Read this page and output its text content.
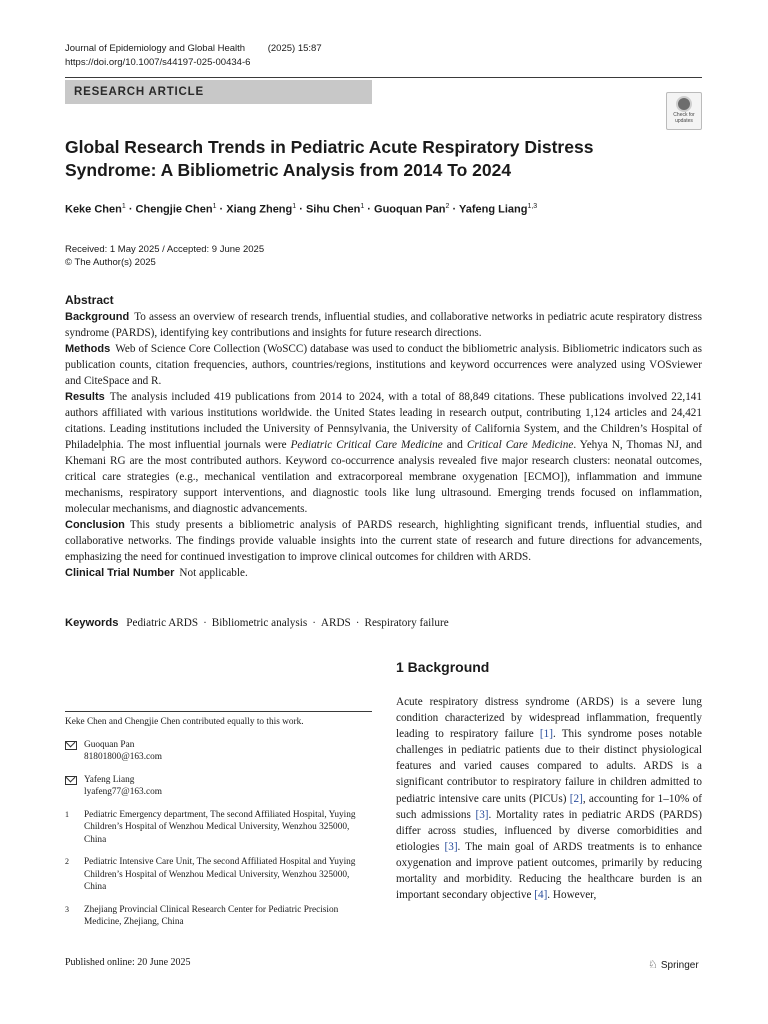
Journal of Epidemiology and Global Health (2025) 15:87
https://doi.org/10.1007/s44197-025-00434-6
RESEARCH ARTICLE
Check for
updates
Global Research Trends in Pediatric Acute Respiratory Distress Syndrome: A Bibliometric Analysis from 2014 To 2024
Keke Chen$^1$ · Chengjie Chen$^1$ · Xiang Zheng$^1$ · Sihu Chen$^1$ · Guoquan Pan$^2$ · Yafeng Liang$^{1,3}$
Received: 1 May 2025 / Accepted: 9 June 2025
© The Author(s) 2025
Abstract

Background To assess an overview of research trends, influential studies, and collaborative networks in pediatric acute respiratory distress syndrome (PARDS), identifying key contributions and insights for future research directions.

Methods Web of Science Core Collection (WoSCC) database was used to conduct the bibliometric analysis. Bibliometric indicators such as publication counts, citation frequencies, authors, countries/regions, institutions and keyword occurrences were analyzed using VOSviewer and CiteSpace and R.

Results The analysis included 419 publications from 2014 to 2024, with a total of 88,849 citations. These publications involved 22,141 authors affiliated with various institutions worldwide. the United States leading in research output, contributing 1,124 articles and 24,421 citations. Leading institutions included the University of Pennsylvania, the University of California System, and the Children’s Hospital of Philadelphia. The most influential journals were Pediatric Critical Care Medicine and Critical Care Medicine. Yehya N, Thomas NJ, and Khemani RG are the most contributed authors. Keyword co-occurrence analysis revealed five major research clusters: neonatal outcomes, critical care strategies (e.g., mechanical ventilation and extracorporeal membrane oxygenation [ECMO]), inflammation and immune mechanisms, respiratory support interventions, and diagnostic tools like lung ultrasound. Emerging trends focused on inflammation, molecular mechanisms, and diagnostic advancements.

Conclusion This study presents a bibliometric analysis of PARDS research, highlighting significant trends, influential studies, and collaborative networks. The findings provide valuable insights into the current state of research and future directions for advancements, emphasizing the need for continued investigation to improve clinical outcomes for children with ARDS.

Clinical Trial Number Not applicable.

Keywords Pediatric ARDS · Bibliometric analysis · ARDS · Respiratory failure
1 Background
Acute respiratory distress syndrome (ARDS) is a severe lung condition characterized by widespread inflammation, frequently leading to respiratory failure [1]. This syndrome poses notable challenges in pediatric patients due to their distinct physiological features and varied causes compared to adults. ARDS is a significant contributor to respiratory failure in children admitted to pediatric intensive care units (PICUs) [2], accounting for 1–10% of such admissions [3]. Mortality rates in pediatric ARDS (PARDS) differ across studies, influenced by diverse comorbidities and etiologies [3]. The main goal of ARDS treatments is to enhance oxygenation and improve patient outcomes, primarily by reducing mortality and morbidity. Reducing the healthcare burden is an important secondary objective [4]. However,
Keke Chen and Chengjie Chen contributed equally to this work.
Guoquan Pan
81801800@163.com
Yafeng Liang
lyafeng77@163.com
1	Pediatric Emergency department, The second Affiliated Hospital, Yuying Children’s Hospital of Wenzhou Medical University, Wenzhou 325000, China
2	Pediatric Intensive Care Unit, The second Affiliated Hospital and Yuying Children’s Hospital of Wenzhou Medical University, Wenzhou 325000, China
3	Zhejiang Provincial Clinical Research Center for Pediatric Precision Medicine, Zhejiang, China
Published online: 20 June 2025	♘ Springer
